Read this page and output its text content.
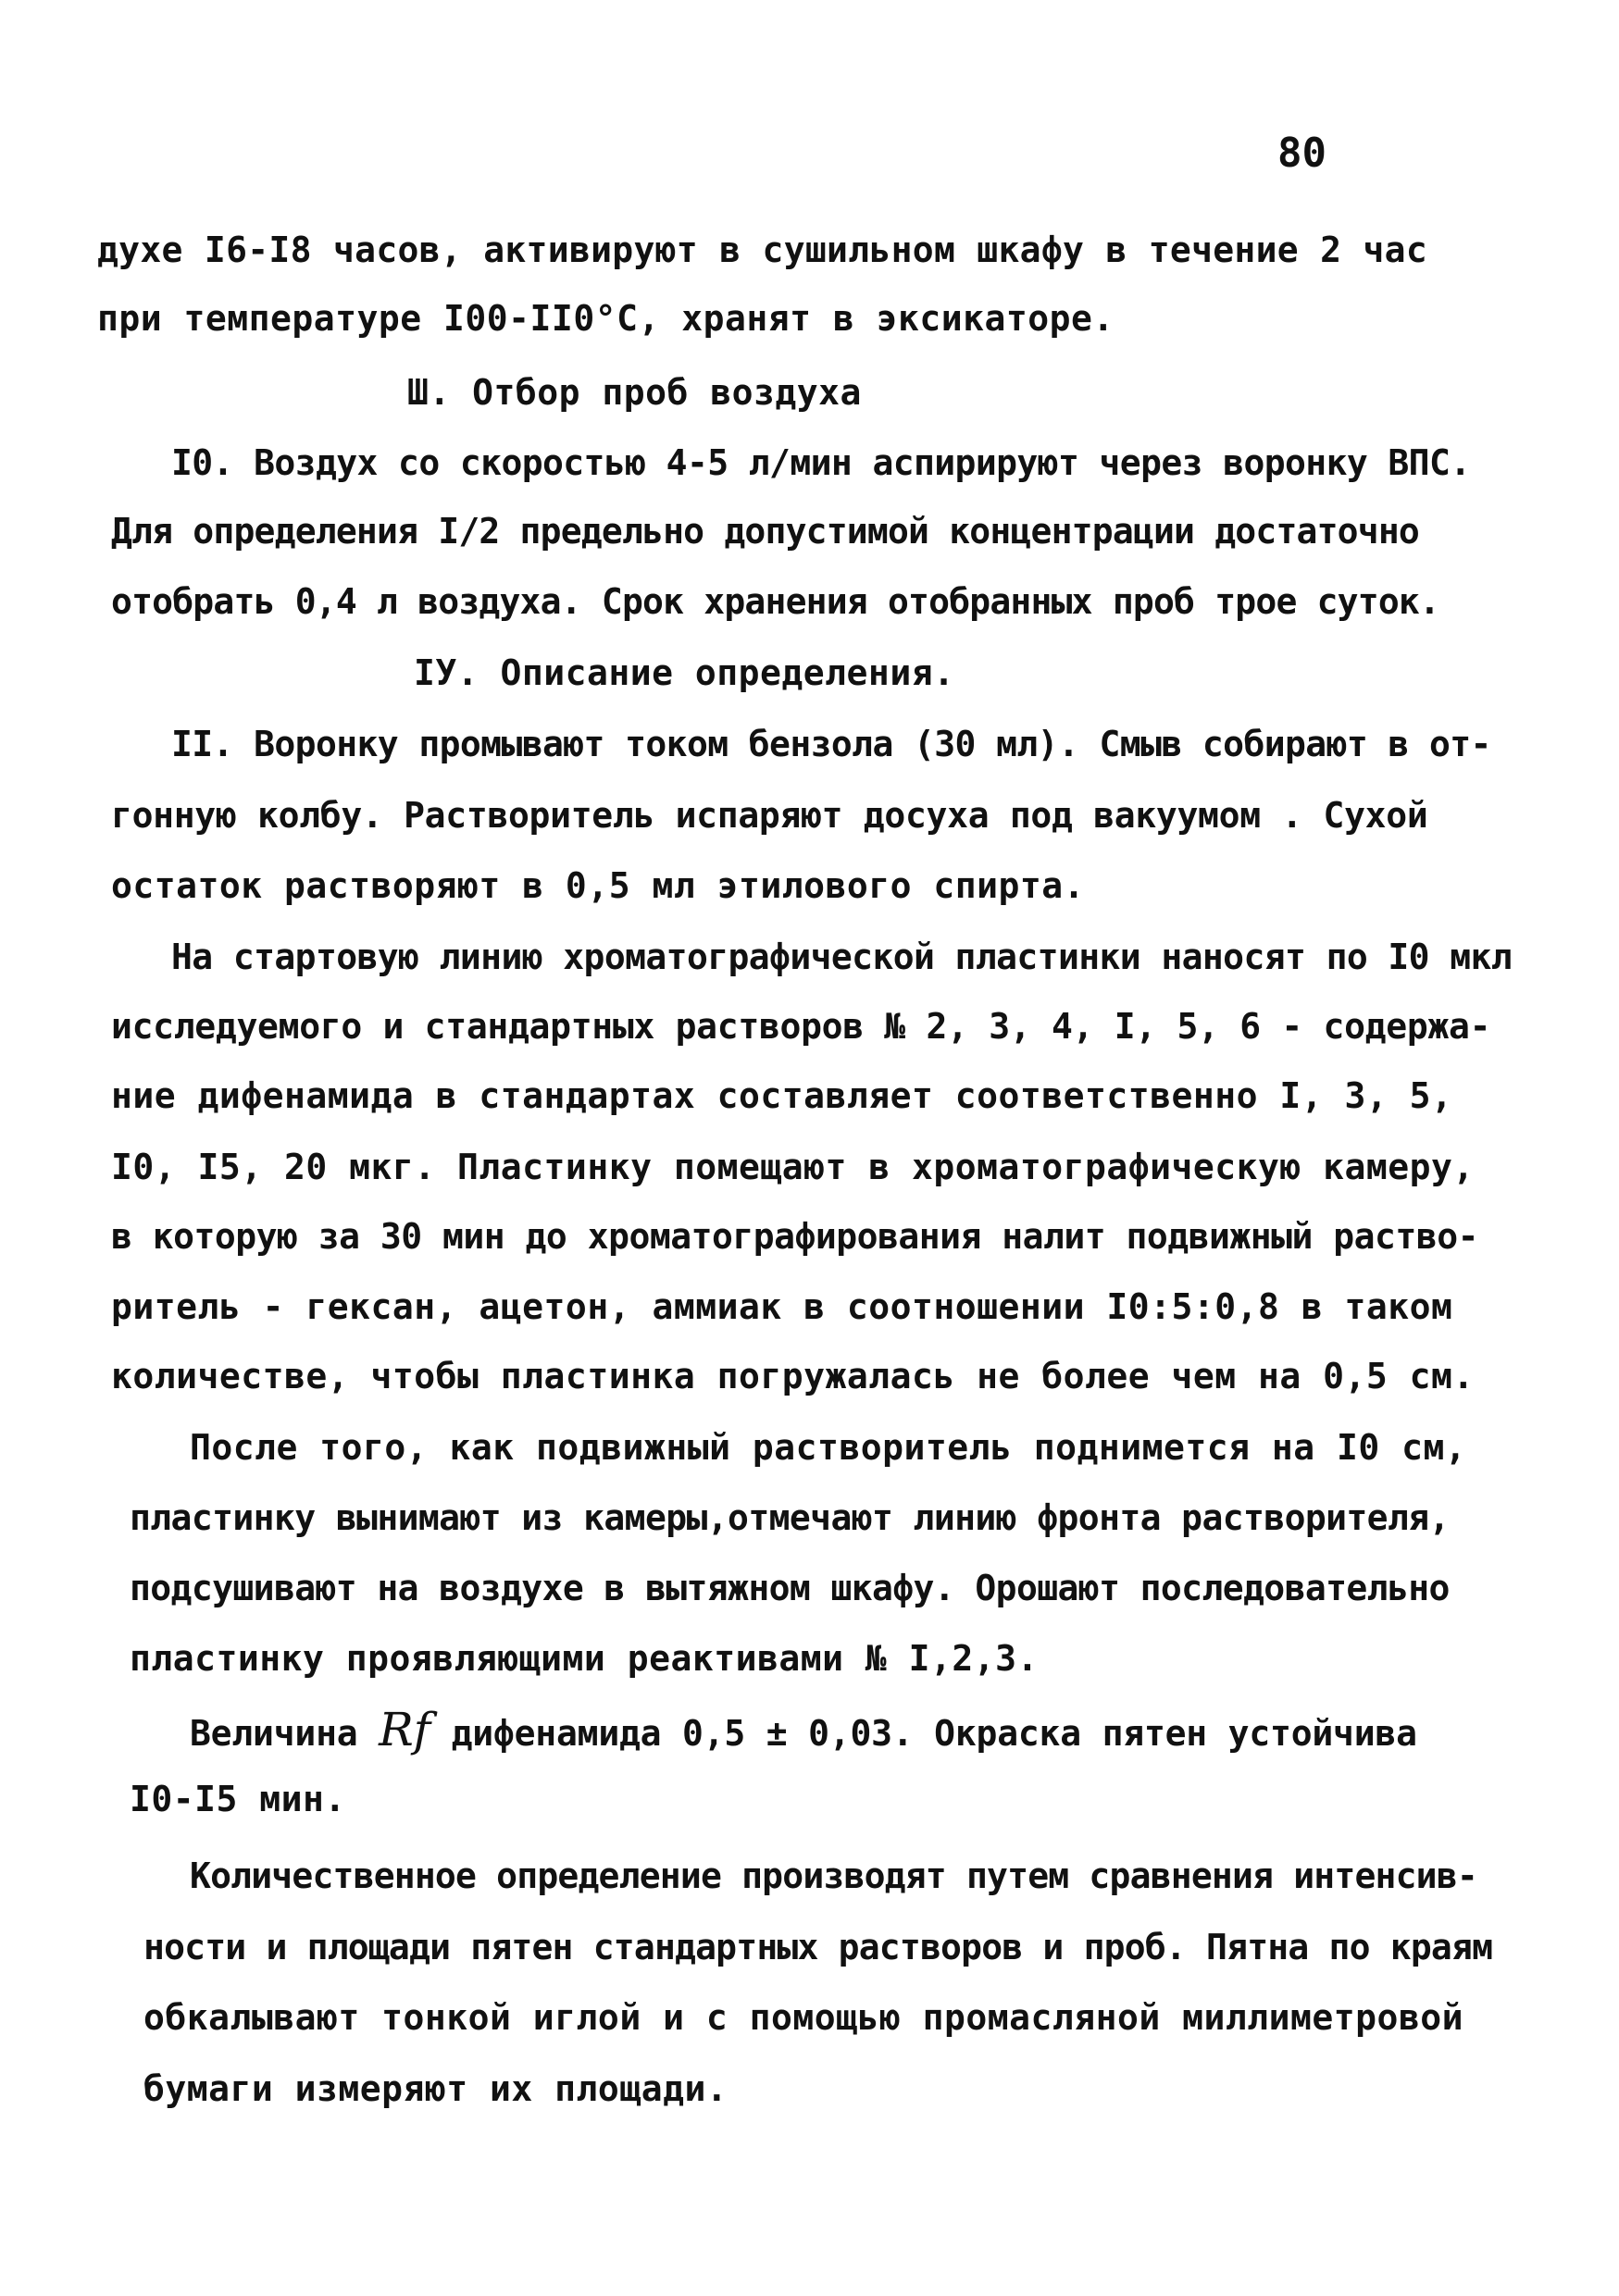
80
духе I6-I8 часов, активируют в сушильном шкафу в течение 2 час
при температуре I00-II0°С, хранят в эксикаторе.
Ш. Отбор проб воздуха
I0. Воздух со скоростью 4-5 л/мин аспирируют через воронку ВПС.
Для определения I/2 предельно допустимой концентрации достаточно
отобрать 0,4 л воздуха. Срок хранения отобранных проб трое суток.
IУ. Описание определения.
II. Воронку промывают током бензола (30 мл). Смыв собирают в от-
гонную колбу. Растворитель испаряют досуха под вакуумом . Сухой
остаток растворяют в 0,5 мл этилового спирта.
На стартовую линию хроматографической пластинки наносят по I0 мкл
исследуемого и стандартных растворов № 2, 3, 4, I, 5, 6 - содержа-
ние дифенамида в стандартах составляет соответственно I, 3, 5,
I0, I5, 20 мкг. Пластинку помещают в хроматографическую камеру,
в которую за 30 мин до хроматографирования налит подвижный раство-
ритель - гексан, ацетон, аммиак в соотношении I0:5:0,8 в таком
количестве, чтобы пластинка погружалась не более чем на 0,5 см.
После того, как подвижный растворитель поднимется на I0 см,
пластинку вынимают из камеры,отмечают линию фронта растворителя,
подсушивают на воздухе в вытяжном шкафу. Орошают последовательно
пластинку проявляющими реактивами № I,2,3.
Величина Rf дифенамида 0,5 ± 0,03. Окраска пятен устойчива
I0-I5 мин.
Количественное определение производят путем сравнения интенсив-
ности и площади пятен стандартных растворов и проб. Пятна по краям
обкалывают тонкой иглой и с помощью промасляной миллиметровой
бумаги измеряют их площади.
